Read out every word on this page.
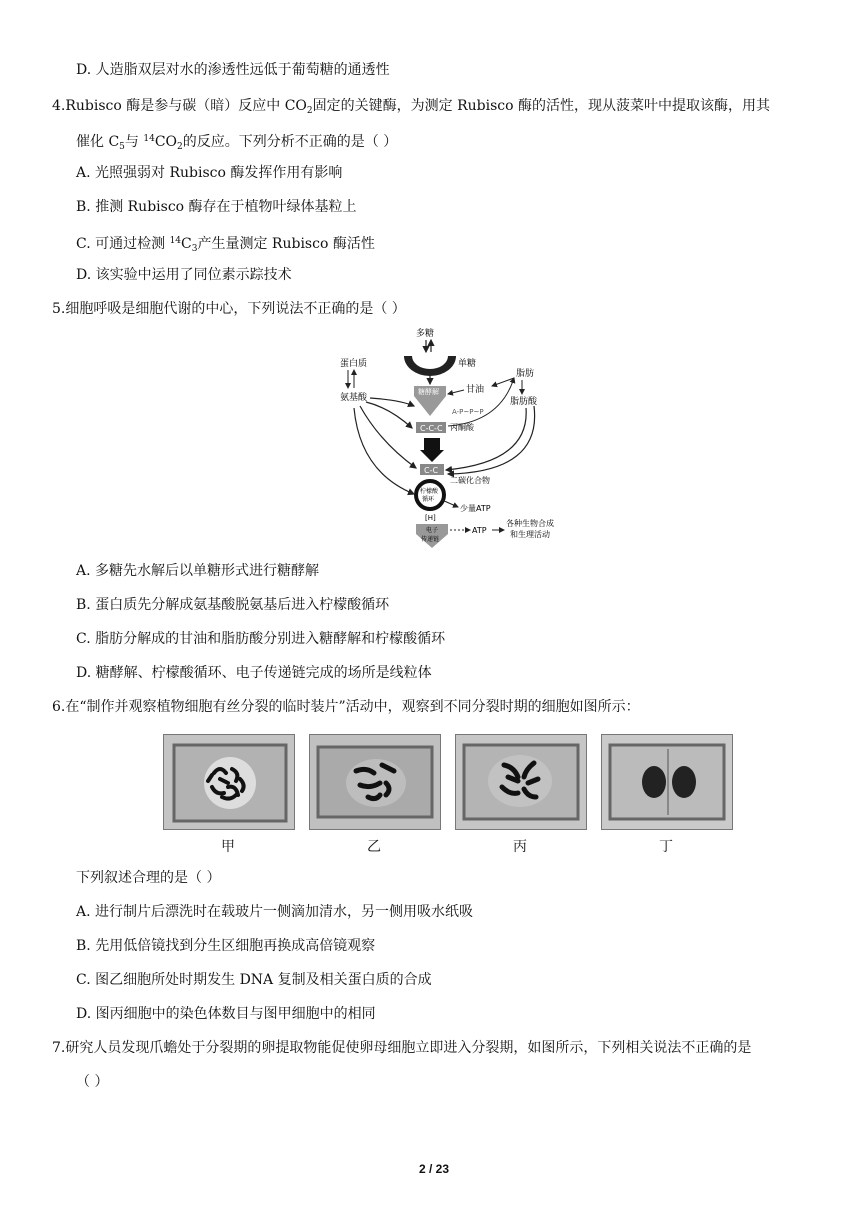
D. 人造脂双层对水的渗透性远低于葡萄糖的通透性
4.Rubisco 酶是参与碳（暗）反应中 $CO_2$固定的关键酶，为测定 Rubisco 酶的活性，现从菠菜叶中提取该酶，用其
催化 $C_5$与 $^{14}CO_2$的反应。下列分析不正确的是（ ）
A. 光照强弱对 Rubisco 酶发挥作用有影响
B. 推测 Rubisco 酶存在于植物叶绿体基粒上
C. 可通过检测 $^{14}C_3$产生量测定 Rubisco 酶活性
D. 该实验中运用了同位素示踪技术
5.细胞呼吸是细胞代谢的中心，下列说法不正确的是（ ）
多糖
单糖
糖酵解
A-P~P~P
C-C-C 丙酮酸
C-C
二碳化合物
柠檬酸
循环
少量ATP
[H]
电子
传递链
ATP
各种生物合成
和生理活动
蛋白质
氨基酸
脂肪
甘油
脂肪酸
A. 多糖先水解后以单糖形式进行糖酵解
B. 蛋白质先分解成氨基酸脱氨基后进入柠檬酸循环
C. 脂肪分解成的甘油和脂肪酸分别进入糖酵解和柠檬酸循环
D. 糖酵解、柠檬酸循环、电子传递链完成的场所是线粒体
6.在“制作并观察植物细胞有丝分裂的临时装片”活动中，观察到不同分裂时期的细胞如图所示：
甲	乙	丙	丁
下列叙述合理的是（ ）
A. 进行制片后漂洗时在载玻片一侧滴加清水，另一侧用吸水纸吸
B. 先用低倍镜找到分生区细胞再换成高倍镜观察
C. 图乙细胞所处时期发生 DNA 复制及相关蛋白质的合成
D. 图丙细胞中的染色体数目与图甲细胞中的相同
7.研究人员发现爪蟾处于分裂期的卵提取物能促使卵母细胞立即进入分裂期，如图所示，下列相关说法不正确的是
（ ）
2 / 23
